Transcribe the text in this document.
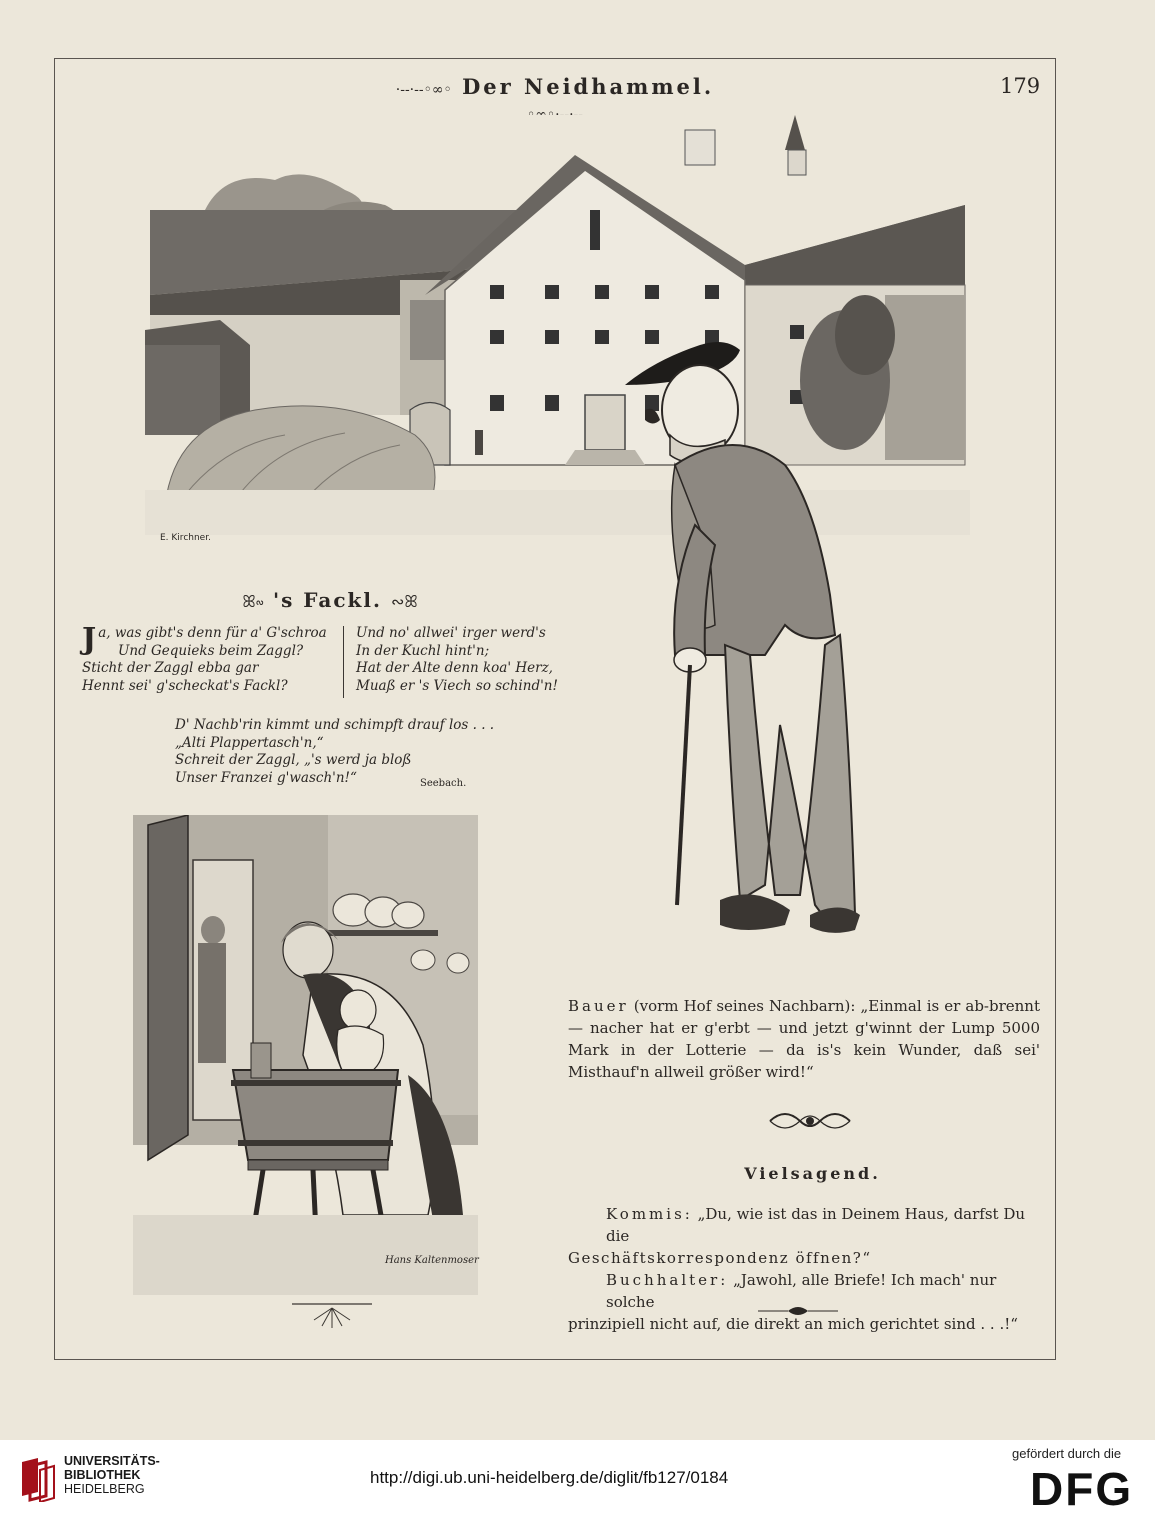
·--·--◦∞◦ Der Neidhammel.	179
E. Kirchner.
ꕤ∾ 's Fackl. ∾ꕤ
Ja, was gibt's denn für a' G'schroa
Und Gequieks beim Zaggl?
Sticht der Zaggl ebba gar
Hennt sei' g'scheckat's Fackl?
Und no' allwei' irger werd's
In der Kuchl hint'n;
Hat der Alte denn koa' Herz,
Muaß er 's Viech so schind'n!
D' Nachb'rin kimmt und schimpft drauf los . . .
„Alti Plappertasch'n,“
Schreit der Zaggl, „'s werd ja bloß
Unser Franzei g'wasch'n!“	Seebach.
Hans Kaltenmoser
Bauer (vorm Hof seines Nachbarn): „Einmal is er ab-brennt — nacher hat er g'erbt — und jetzt g'winnt der Lump 5000 Mark in der Lotterie — da is's kein Wunder, daß sei' Misthauf'n allweil größer wird!“
Vielsagend.
Kommis: „Du, wie ist das in Deinem Haus, darfst Du die
Geschäftskorrespondenz öffnen?“
Buchhalter: „Jawohl, alle Briefe! Ich mach' nur solche
prinzipiell nicht auf, die direkt an mich gerichtet sind . . .!“
UNIVERSITÄTS-
BIBLIOTHEK
HEIDELBERG
http://digi.ub.uni-heidelberg.de/diglit/fb127/0184
gefördert durch die
DFG
